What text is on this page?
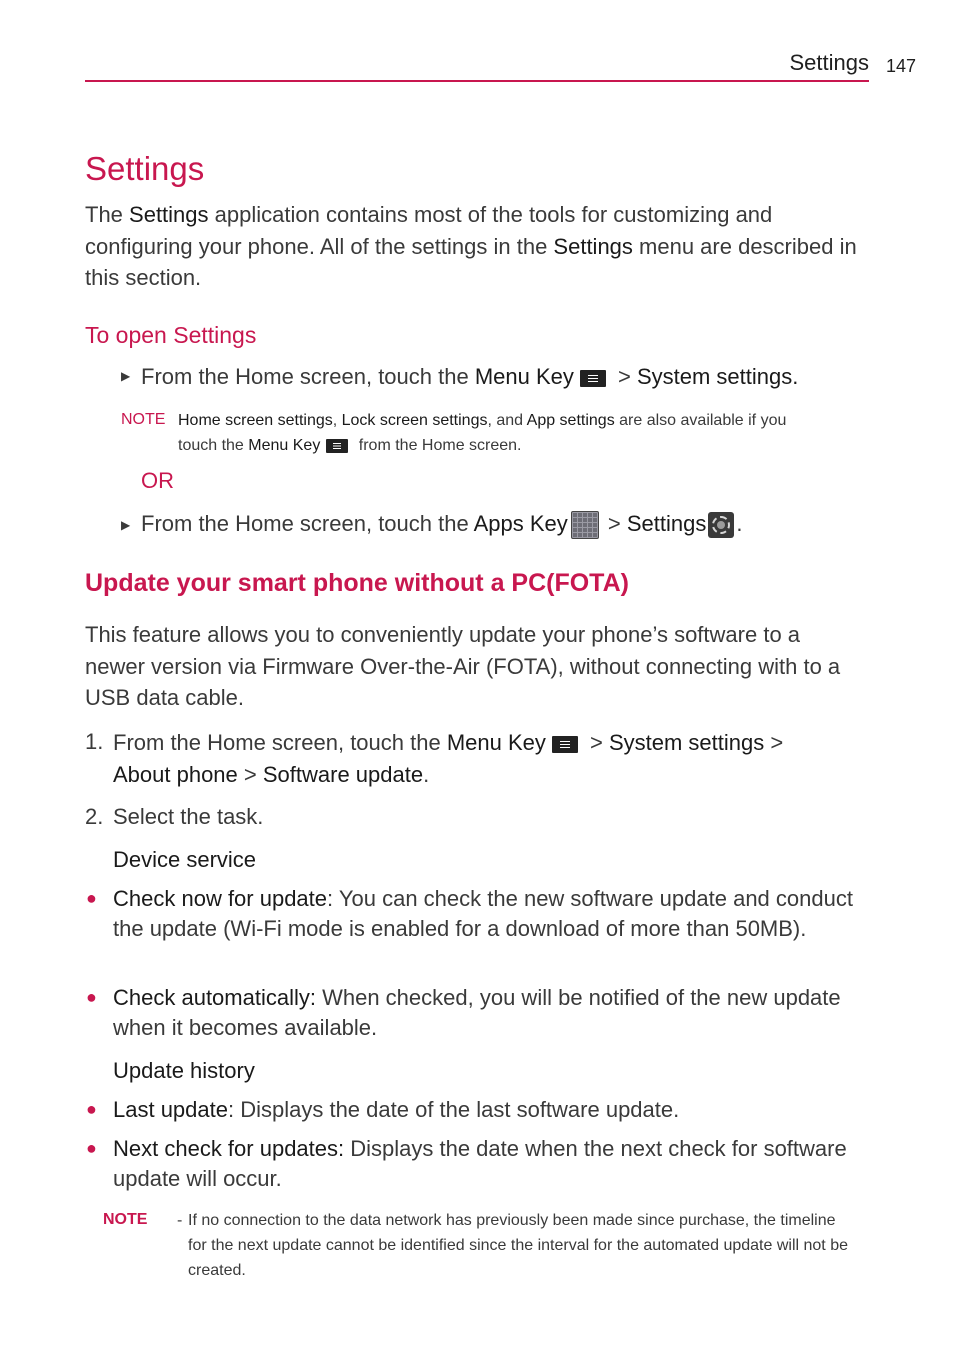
Settings 147
Settings
The Settings application contains most of the tools for customizing and configuring your phone. All of the settings in the Settings menu are described in this section.
To open Settings
▶ From the Home screen, touch the Menu Key > System settings.
NOTE Home screen settings, Lock screen settings, and App settings are also available if you
touch the Menu Key from the Home screen.
OR
▶ From the Home screen, touch the Apps Key > Settings .
Update your smart phone without a PC(FOTA)
This feature allows you to conveniently update your phone’s software to a newer version via Firmware Over-the-Air (FOTA), without connecting with to a USB data cable.
1. From the Home screen, touch the Menu Key > System settings >
About phone > Software update.
2. Select the task.
Device service
● Check now for update: You can check the new software update and conduct the update (Wi-Fi mode is enabled for a download of more than 50MB).
● Check automatically: When checked, you will be notified of the new update when it becomes available.
Update history
● Last update: Displays the date of the last software update.
● Next check for updates: Displays the date when the next check for software update will occur.
NOTE - If no connection to the data network has previously been made since purchase, the timeline for the next update cannot be identified since the interval for the automated update will not be created.
